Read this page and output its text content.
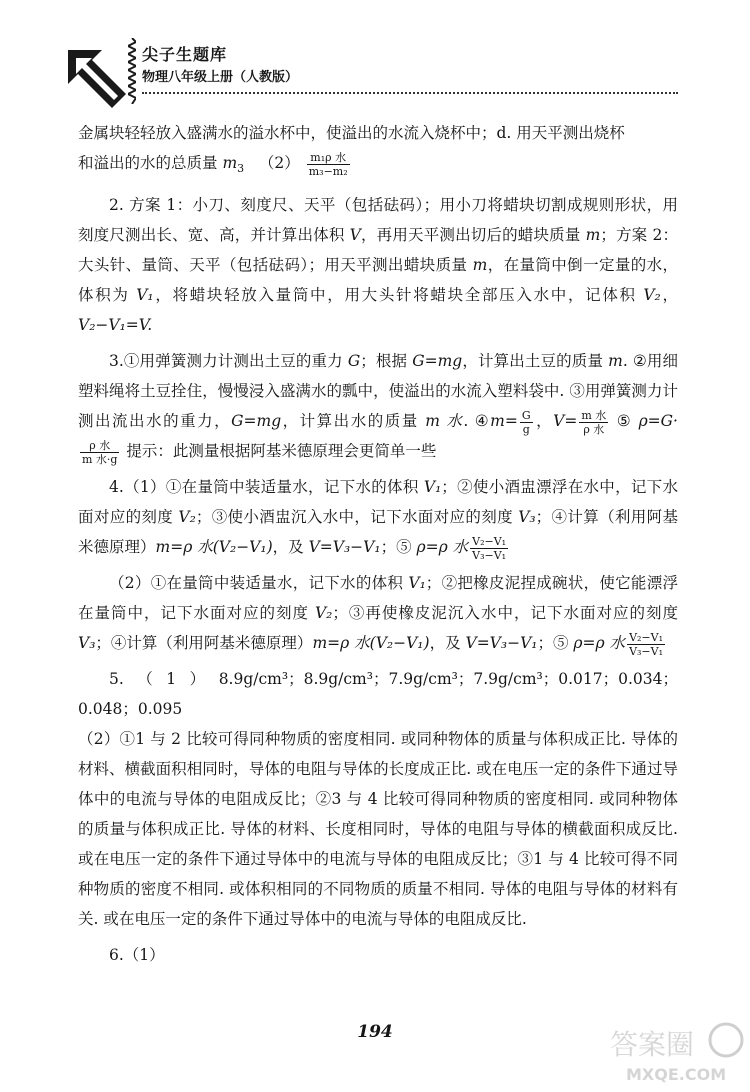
尖子生题库
物理八年级上册（人教版）

金属块轻轻放入盛满水的溢水杯中，使溢出的水流入烧杯中；d. 用天平测出烧杯
和溢出的水的总质量 $m_3$ $(2) \frac{\text{m₁ρ 水}}{\text{m₃−m₂}}$

2. 方案 1：小刀、刻度尺、天平（包括砝码）；用小刀将蜡块切割成规则形状，用刻度尺测出长、宽、高，并计算出体积 V，再用天平测出切后的蜡块质量 m；方案 2：大头针、量筒、天平（包括砝码）；用天平测出蜡块质量 m，在量筒中倒一定量的水，体积为 V₁，将蜡块轻放入量筒中，用大头针将蜡块全部压入水中，记体积 V₂，V₂−V₁=V.

3.①用弹簧测力计测出土豆的重力 G；根据 G=mg，计算出土豆的质量 m. ②用细塑料绳将土豆拴住，慢慢浸入盛满水的瓢中，使溢出的水流入塑料袋中. ③用弹簧测力计测出流出水的重力，G=mg，计算出水的质量 m 水. ④m= $\frac{G}{g}$ ，$V= \frac{\text{m 水}}{\text{ρ 水}}$ ⑤ ρ=G·
$\frac{\text{ρ 水}}{\text{m 水·g}}$ 提示：此测量根据阿基米德原理会更简单一些

4.（1）①在量筒中装适量水，记下水的体积 V₁；②使小酒盅漂浮在水中，记下水面对应的刻度 V₂；③使小酒盅沉入水中，记下水面对应的刻度 V₃；④计算（利用阿基米德原理）m=ρ 水(V₂−V₁)，及 V=V₃−V₁；⑤ ρ=ρ 水 $\frac{\text{V₂−V₁}}{\text{V₃−V₁}}$

（2）①在量筒中装适量水，记下水的体积 V₁；②把橡皮泥捏成碗状，使它能漂浮在量筒中，记下水面对应的刻度 V₂；③再使橡皮泥沉入水中，记下水面对应的刻度 V₃；④计算（利用阿基米德原理）m=ρ 水(V₂−V₁)，及 V=V₃−V₁；⑤ ρ=ρ 水 $\frac{\text{V₂−V₁}}{\text{V₃−V₁}}$

5.（1）8.9g/cm³；8.9g/cm³；7.9g/cm³；7.9g/cm³；0.017；0.034；0.048；0.095
（2）①1 与 2 比较可得同种物质的密度相同. 或同种物体的质量与体积成正比. 导体的材料、横截面积相同时，导体的电阻与导体的长度成正比. 或在电压一定的条件下通过导体中的电流与导体的电阻成反比；②3 与 4 比较可得同种物质的密度相同. 或同种物体的质量与体积成正比. 导体的材料、长度相同时，导体的电阻与导体的横截面积成反比. 或在电压一定的条件下通过导体中的电流与导体的电阻成反比；③1 与 4 比较可得不同种物质的密度不相同. 或体积相同的不同物质的质量不相同. 导体的电阻与导体的材料有关. 或在电压一定的条件下通过导体中的电流与导体的电阻成反比.

6.（1）

194	答案圈
MXQE.COM
